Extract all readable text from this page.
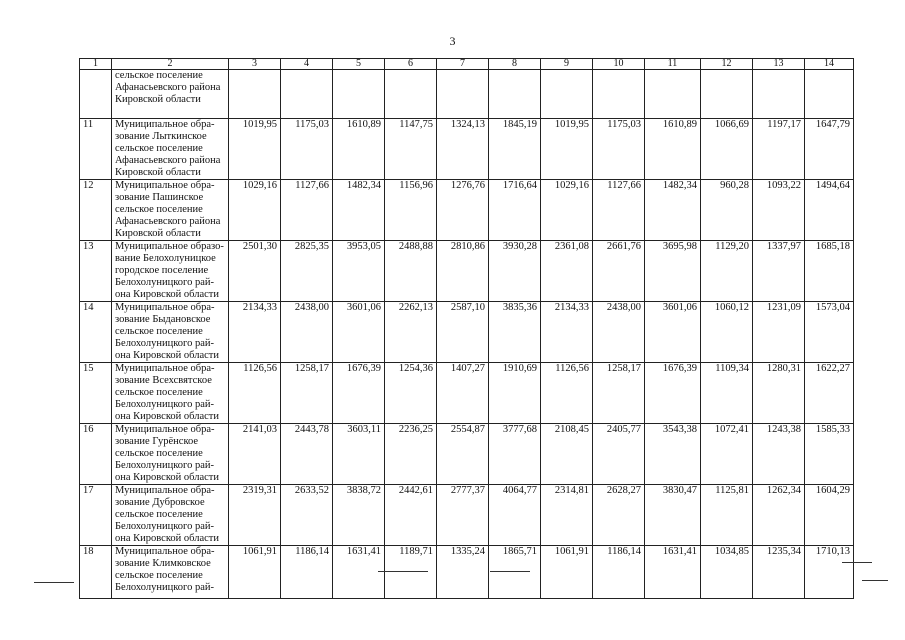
3
1	2	3	4	5	6	7	8	9	10	11	12	13	14
	сельское поселение
Афанасьевского района
Кировской области												
11	Муниципальное обра-
зование Лыткинское
сельское поселение
Афанасьевского района
Кировской области	1019,95	1175,03	1610,89	1147,75	1324,13	1845,19	1019,95	1175,03	1610,89	1066,69	1197,17	1647,79
12	Муниципальное обра-
зование Пашинское
сельское поселение
Афанасьевского района
Кировской области	1029,16	1127,66	1482,34	1156,96	1276,76	1716,64	1029,16	1127,66	1482,34	960,28	1093,22	1494,64
13	Муниципальное образо-
вание Белохолуницкое
городское поселение
Белохолуницкого рай-
она Кировской области	2501,30	2825,35	3953,05	2488,88	2810,86	3930,28	2361,08	2661,76	3695,98	1129,20	1337,97	1685,18
14	Муниципальное обра-
зование Быдановское
сельское поселение
Белохолуницкого рай-
она Кировской области	2134,33	2438,00	3601,06	2262,13	2587,10	3835,36	2134,33	2438,00	3601,06	1060,12	1231,09	1573,04
15	Муниципальное обра-
зование Всехсвятское
сельское поселение
Белохолуницкого рай-
она Кировской области	1126,56	1258,17	1676,39	1254,36	1407,27	1910,69	1126,56	1258,17	1676,39	1109,34	1280,31	1622,27
16	Муниципальное обра-
зование Гурёнское
сельское поселение
Белохолуницкого рай-
она Кировской области	2141,03	2443,78	3603,11	2236,25	2554,87	3777,68	2108,45	2405,77	3543,38	1072,41	1243,38	1585,33
17	Муниципальное обра-
зование Дубровское
сельское поселение
Белохолуницкого рай-
она Кировской области	2319,31	2633,52	3838,72	2442,61	2777,37	4064,77	2314,81	2628,27	3830,47	1125,81	1262,34	1604,29
18	Муниципальное обра-
зование Климковское
сельское поселение
Белохолуницкого рай-	1061,91	1186,14	1631,41	1189,71	1335,24	1865,71	1061,91	1186,14	1631,41	1034,85	1235,34	1710,13
